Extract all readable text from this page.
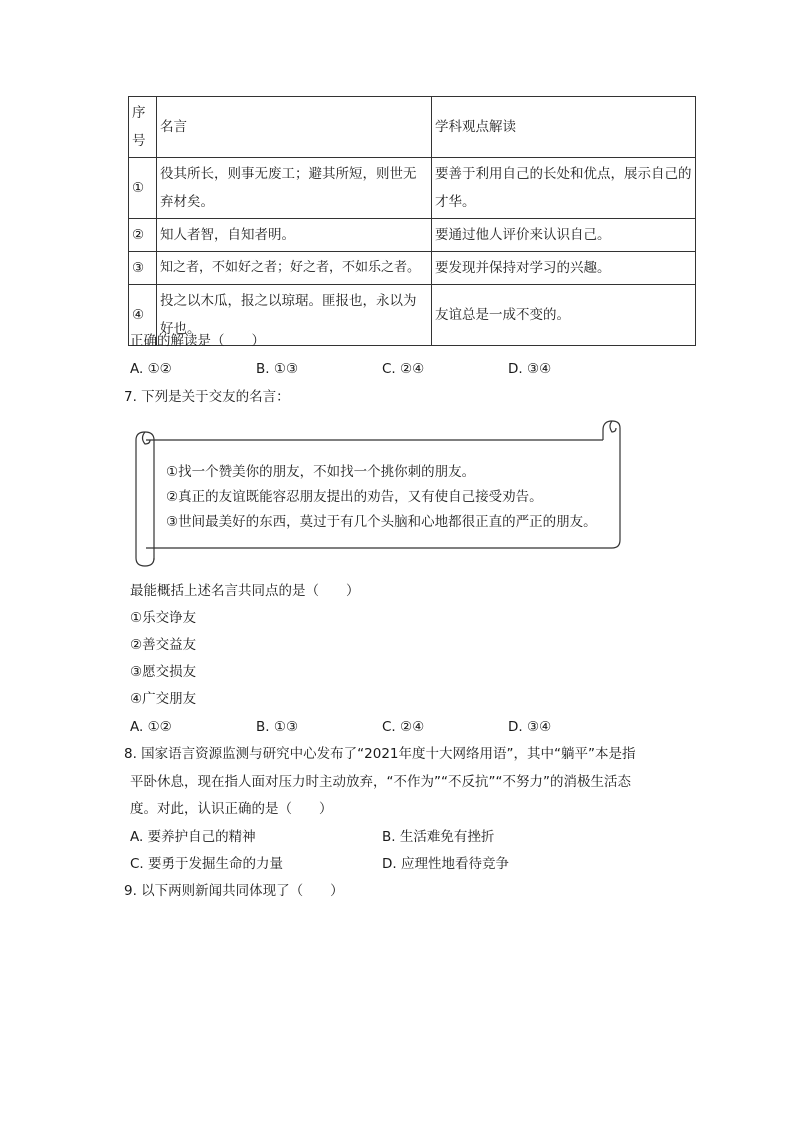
序号	名言	学科观点解读
①	役其所长，则事无废工；避其所短，则世无弃材矣。	要善于利用自己的长处和优点，展示自己的才华。
②	知人者智，自知者明。	要通过他人评价来认识自己。
③	知之者，不如好之者；好之者，不如乐之者。	要发现并保持对学习的兴趣。
④	投之以木瓜，报之以琼琚。匪报也，永以为好也。	友谊总是一成不变的。
正确的解读是（　　）
A. ①②	B. ①③	C. ②④	D. ③④
7. 下列是关于交友的名言：
①找一个赞美你的朋友，不如找一个挑你刺的朋友。
②真正的友谊既能容忍朋友提出的劝告，又有使自己接受劝告。
③世间最美好的东西，莫过于有几个头脑和心地都很正直的严正的朋友。
最能概括上述名言共同点的是（　　）
①乐交诤友
②善交益友
③愿交损友
④广交朋友
A. ①②	B. ①③	C. ②④	D. ③④
8. 国家语言资源监测与研究中心发布了“2021年度十大网络用语”，其中“躺平”本是指
平卧休息，现在指人面对压力时主动放弃，“不作为”“不反抗”“不努力”的消极生活态
度。对此，认识正确的是（　　）
A. 要养护自己的精神	B. 生活难免有挫折
C. 要勇于发掘生命的力量	D. 应理性地看待竞争
9. 以下两则新闻共同体现了（　　）
